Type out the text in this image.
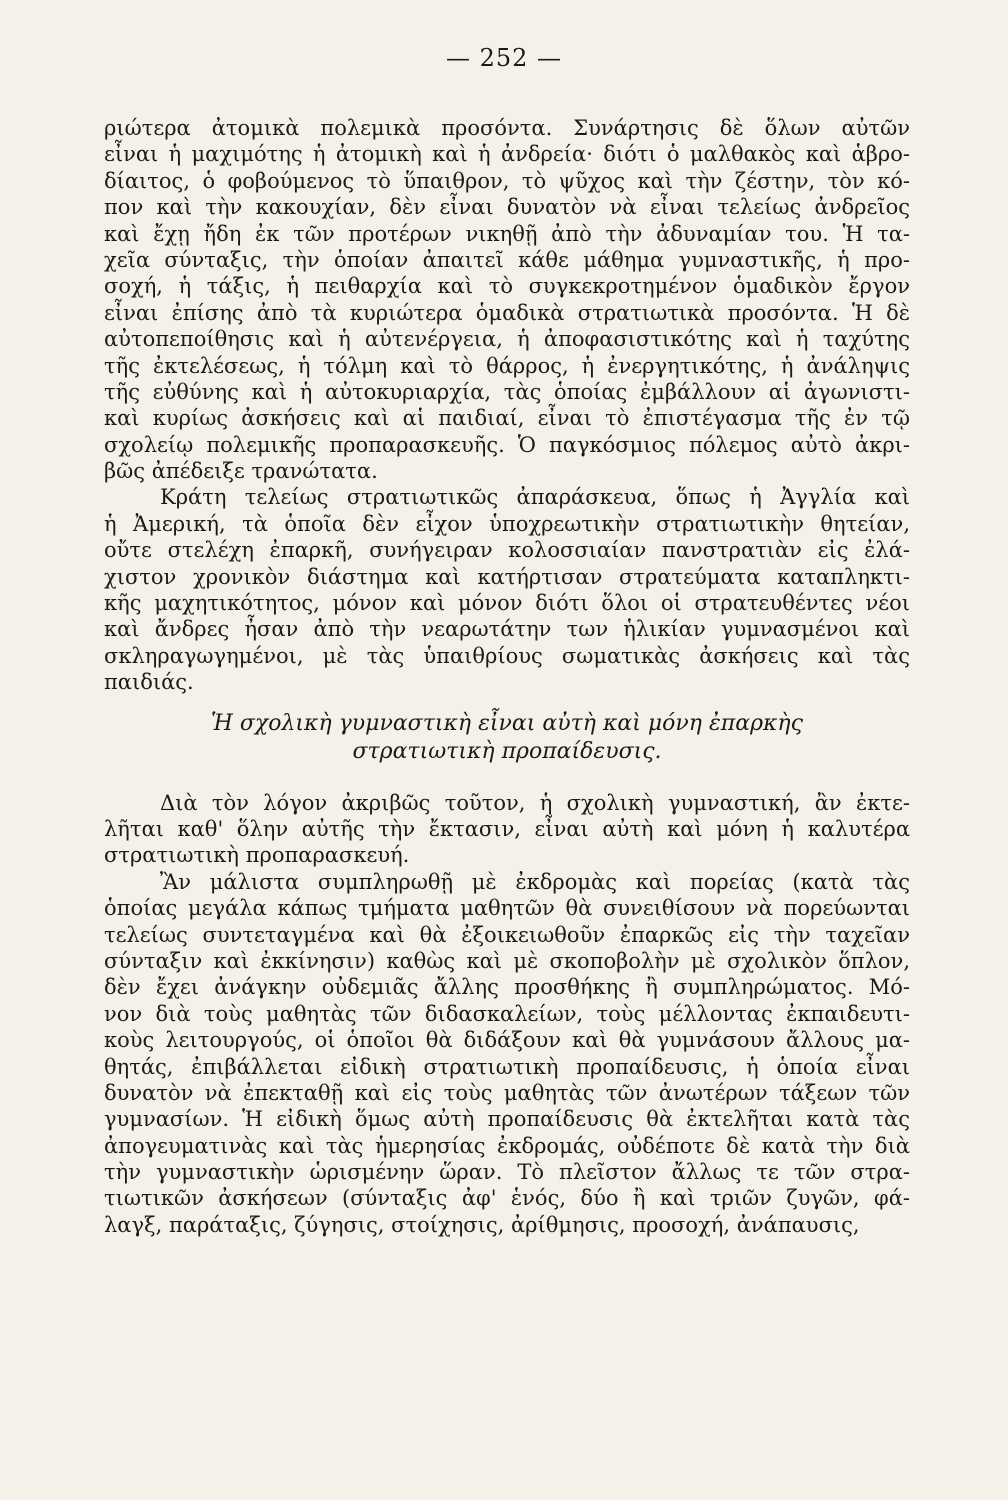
— 252 —
ριώτερα ἀτομικὰ πολεμικὰ προσόντα. Συνάρτησις δὲ ὅλων αὐτῶν
εἶναι ἡ μαχιμότης ἡ ἀτομικὴ καὶ ἡ ἀνδρεία· διότι ὁ μαλθακὸς καὶ ἁβρο-
δίαιτος, ὁ φοβούμενος τὸ ὕπαιθρον, τὸ ψῦχος καὶ τὴν ζέστην, τὸν κό-
πον καὶ τὴν κακουχίαν, δὲν εἶναι δυνατὸν νὰ εἶναι τελείως ἀνδρεῖος
καὶ ἔχῃ ἤδη ἐκ τῶν προτέρων νικηθῇ ἀπὸ τὴν ἀδυναμίαν του. Ἡ τα-
χεῖα σύνταξις, τὴν ὁποίαν ἀπαιτεῖ κάθε μάθημα γυμναστικῆς, ἡ προ-
σοχή, ἡ τάξις, ἡ πειθαρχία καὶ τὸ συγκεκροτημένον ὁμαδικὸν ἔργον
εἶναι ἐπίσης ἀπὸ τὰ κυριώτερα ὁμαδικὰ στρατιωτικὰ προσόντα. Ἡ δὲ
αὐτοπεποίθησις καὶ ἡ αὐτενέργεια, ἡ ἀποφασιστικότης καὶ ἡ ταχύτης
τῆς ἐκτελέσεως, ἡ τόλμη καὶ τὸ θάρρος, ἡ ἐνεργητικότης, ἡ ἀνάληψις
τῆς εὐθύνης καὶ ἡ αὐτοκυριαρχία, τὰς ὁποίας ἐμβάλλουν αἱ ἀγωνιστι-
καὶ κυρίως ἀσκήσεις καὶ αἱ παιδιαί, εἶναι τὸ ἐπιστέγασμα τῆς ἐν τῷ
σχολείῳ πολεμικῆς προπαρασκευῆς. Ὁ παγκόσμιος πόλεμος αὐτὸ ἀκρι-
βῶς ἀπέδειξε τρανώτατα.
Κράτη τελείως στρατιωτικῶς ἀπαράσκευα, ὅπως ἡ Ἀγγλία καὶ
ἡ Ἀμερική, τὰ ὁποῖα δὲν εἶχον ὑποχρεωτικὴν στρατιωτικὴν θητείαν,
οὔτε στελέχη ἐπαρκῆ, συνήγειραν κολοσσιαίαν πανστρατιὰν εἰς ἐλά-
χιστον χρονικὸν διάστημα καὶ κατήρτισαν στρατεύματα καταπληκτι-
κῆς μαχητικότητος, μόνον καὶ μόνον διότι ὅλοι οἱ στρατευθέντες νέοι
καὶ ἄνδρες ἦσαν ἀπὸ τὴν νεαρωτάτην των ἡλικίαν γυμνασμένοι καὶ
σκληραγωγημένοι, μὲ τὰς ὑπαιθρίους σωματικὰς ἀσκήσεις καὶ τὰς
παιδιάς.
Ἡ σχολικὴ γυμναστικὴ εἶναι αὐτὴ καὶ μόνη ἐπαρκὴς
στρατιωτικὴ προπαίδευσις.
Διὰ τὸν λόγον ἀκριβῶς τοῦτον, ἡ σχολικὴ γυμναστική, ἂν ἐκτε-
λῆται καθ' ὅλην αὐτῆς τὴν ἔκτασιν, εἶναι αὐτὴ καὶ μόνη ἡ καλυτέρα
στρατιωτικὴ προπαρασκευή.
Ἂν μάλιστα συμπληρωθῇ μὲ ἐκδρομὰς καὶ πορείας (κατὰ τὰς
ὁποίας μεγάλα κάπως τμήματα μαθητῶν θὰ συνειθίσουν νὰ πορεύωνται
τελείως συντεταγμένα καὶ θὰ ἐξοικειωθοῦν ἐπαρκῶς εἰς τὴν ταχεῖαν
σύνταξιν καὶ ἐκκίνησιν) καθὼς καὶ μὲ σκοποβολὴν μὲ σχολικὸν ὅπλον,
δὲν ἔχει ἀνάγκην οὐδεμιᾶς ἄλλης προσθήκης ἢ συμπληρώματος. Μό-
νον διὰ τοὺς μαθητὰς τῶν διδασκαλείων, τοὺς μέλλοντας ἐκπαιδευτι-
κοὺς λειτουργούς, οἱ ὁποῖοι θὰ διδάξουν καὶ θὰ γυμνάσουν ἄλλους μα-
θητάς, ἐπιβάλλεται εἰδικὴ στρατιωτικὴ προπαίδευσις, ἡ ὁποία εἶναι
δυνατὸν νὰ ἐπεκταθῇ καὶ εἰς τοὺς μαθητὰς τῶν ἀνωτέρων τάξεων τῶν
γυμνασίων. Ἡ εἰδικὴ ὅμως αὐτὴ προπαίδευσις θὰ ἐκτελῆται κατὰ τὰς
ἀπογευματινὰς καὶ τὰς ἡμερησίας ἐκδρομάς, οὐδέποτε δὲ κατὰ τὴν διὰ
τὴν γυμναστικὴν ὡρισμένην ὥραν. Τὸ πλεῖστον ἄλλως τε τῶν στρα-
τιωτικῶν ἀσκήσεων (σύνταξις ἀφ' ἑνός, δύο ἢ καὶ τριῶν ζυγῶν, φά-
λαγξ, παράταξις, ζύγησις, στοίχησις, ἀρίθμησις, προσοχή, ἀνάπαυσις,
